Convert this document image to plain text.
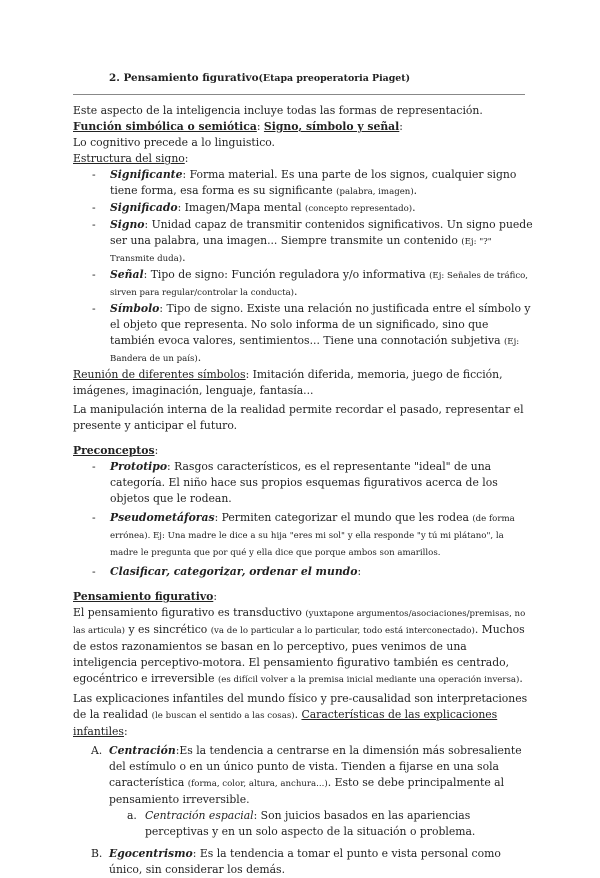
2. Pensamiento figurativo(Etapa preoperatoria Piaget)

Este aspecto de la inteligencia incluye todas las formas de representación.

Función simbólica o semiótica: Signo, símbolo y señal:

Lo cognitivo precede a lo linguistico.

Estructura del signo:

- Significante: Forma material. Es una parte de los signos, cualquier signo tiene forma, esa forma es su significante (palabra, imagen).
- Significado: Imagen/Mapa mental (concepto representado).
- Signo: Unidad capaz de transmitir contenidos significativos. Un signo puede ser una palabra, una imagen... Siempre transmite un contenido (Ej: "?" Transmite duda).
- Señal: Tipo de signo: Función reguladora y/o informativa (Ej: Señales de tráfico, sirven para regular/controlar la conducta).
- Símbolo: Tipo de signo. Existe una relación no justificada entre el símbolo y el objeto que representa. No solo informa de un significado, sino que también evoca valores, sentimientos... Tiene una connotación subjetiva (Ej: Bandera de un país).

Reunión de diferentes símbolos: Imitación diferida, memoria, juego de ficción, imágenes, imaginación, lenguaje, fantasía...

La manipulación interna de la realidad permite recordar el pasado, representar el presente y anticipar el futuro.

Preconceptos:

- Prototipo: Rasgos característicos, es el representante "ideal" de una categoría. El niño hace sus propios esquemas figurativos acerca de los objetos que le rodean.
- Pseudometáforas: Permiten categorizar el mundo que les rodea (de forma errónea). Ej: Una madre le dice a su hija "eres mi sol" y ella responde "y tú mi plátano", la madre le pregunta que por qué y ella dice que porque ambos son amarillos.
- Clasificar, categorizar, ordenar el mundo:

Pensamiento figurativo:

El pensamiento figurativo es transductivo (yuxtapone argumentos/asociaciones/premisas, no las articula) y es sincrético (va de lo particular a lo particular, todo está interconectado). Muchos de estos razonamientos se basan en lo perceptivo, pues venimos de una inteligencia perceptivo-motora. El pensamiento figurativo también es centrado, egocéntrico e irreversible (es difícil volver a la premisa inicial mediante una operación inversa).

Las explicaciones infantiles del mundo físico y pre-causalidad son interpretaciones de la realidad (le buscan el sentido a las cosas). Características de las explicaciones infantiles:

A. Centración:Es la tendencia a centrarse en la dimensión más sobresaliente del estímulo o en un único punto de vista. Tienden a fijarse en una sola característica (forma, color, altura, anchura...). Esto se debe principalmente al pensamiento irreversible.
a. Centración espacial: Son juicios basados en las apariencias perceptivas y en un solo aspecto de la situación o problema.
B. Egocentrismo: Es la tendencia a tomar el punto e vista personal como único, sin considerar los demás.
